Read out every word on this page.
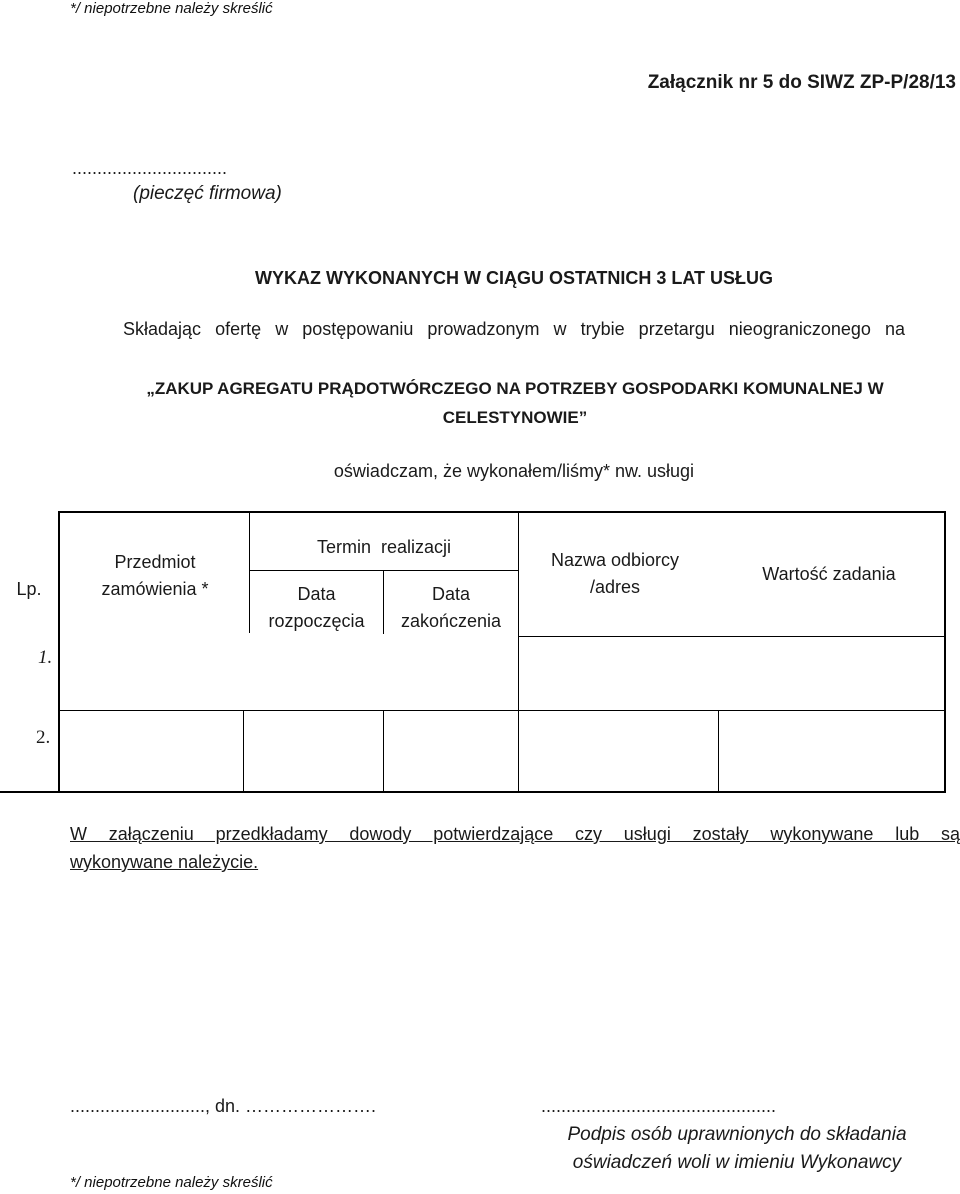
*/ niepotrzebne należy skreślić
Załącznik nr 5 do SIWZ ZP-P/28/13
...............................
(pieczęć firmowa)
WYKAZ WYKONANYCH W CIĄGU OSTATNICH 3 LAT USŁUG
Składając ofertę w postępowaniu prowadzonym w trybie przetargu nieograniczonego na
„ZAKUP AGREGATU PRĄDOTWÓRCZEGO NA POTRZEBY GOSPODARKI KOMUNALNEJ W CELESTYNOWIE”
oświadczam, że wykonałem/liśmy* nw. usługi
Lp.
Przedmiot zamówienia *
Termin  realizacji
Data rozpoczęcia
Data zakończenia
Nazwa odbiorcy /adres
Wartość zadania
1.
2.
W załączeniu przedkładamy dowody potwierdzające czy usługi zostały wykonywane lub są
wykonywane należycie.
..........................., dn. ………………….	...............................................
Podpis osób uprawnionych do składania oświadczeń woli w imieniu Wykonawcy
*/ niepotrzebne należy skreślić
